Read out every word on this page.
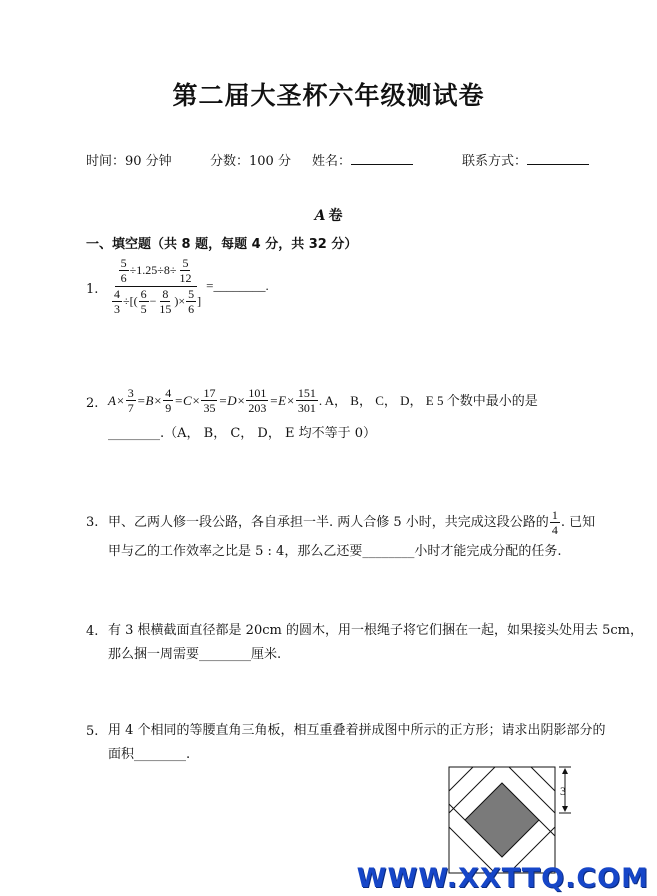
第二届大圣杯六年级测试卷
时间：90 分钟	分数：100 分 姓名：	联系方式：
A 卷
一、填空题（共 8 题，每题 4 分，共 32 分）
1.
$\frac{5}{6} \div 1.25\div 8\div \frac{5}{12}$
$\frac{4}{3}$ ÷[( $\frac{6}{5} - \frac{8}{15}$ )× $\frac{5}{6}$ ]
=________.
2. $A\times \frac{3}{7} =B\times \frac{4}{9} =C\times \frac{17}{35} =D\times \frac{101}{203} =E\times \frac{151}{301}$ . A， B， C， D， E 5 个数中最小的是
________.（A， B， C， D， E 均不等于 0）
3. 甲、乙两人修一段公路，各自承担一半. 两人合修 5 小时，共完成这段公路的 $\frac{1}{4}$ . 已知
甲与乙的工作效率之比是 5 : 4，那么乙还要________小时才能完成分配的任务.
4. 有 3 根横截面直径都是 20cm 的圆木，用一根绳子将它们捆在一起，如果接头处用去 5cm，
那么捆一周需要________厘米.
5. 用 4 个相同的等腰直角三角板，相互重叠着拼成图中所示的正方形；请求出阴影部分的
面积________.
3
WWW.XXTTQ.COM
